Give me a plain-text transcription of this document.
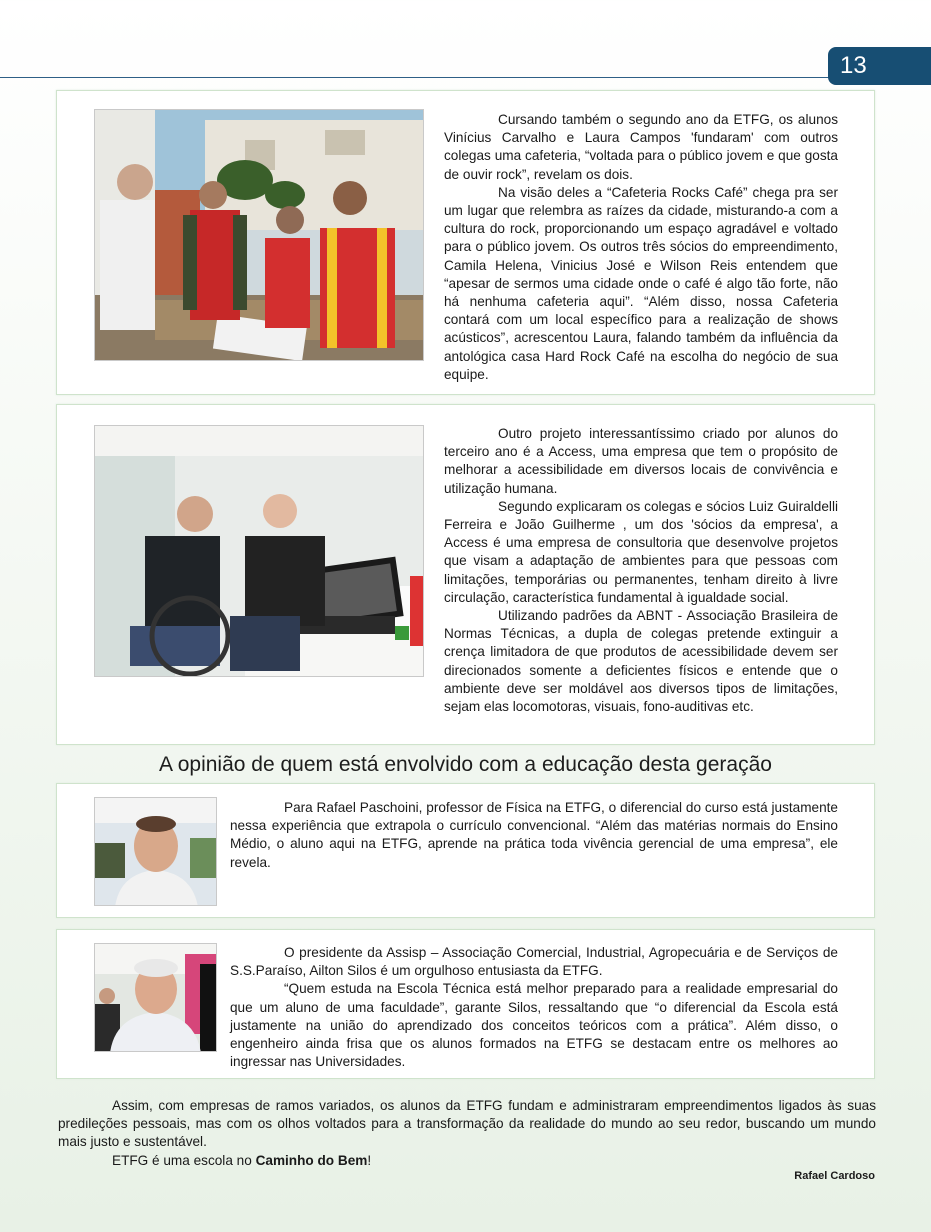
13

Cursando também o segundo ano da ETFG, os alunos Vinícius Carvalho e Laura Campos 'fundaram' com outros colegas uma cafeteria, “voltada para o público jovem e que gosta de ouvir rock”, revelam os dois.

Na visão deles a “Cafeteria Rocks Café” chega pra ser um lugar que relembra as raízes da cidade, misturando-a com a cultura do rock, proporcionando um espaço agradável e voltado para o público jovem. Os outros três sócios do empreendimento, Camila Helena, Vinicius José e Wilson Reis entendem que “apesar de sermos uma cidade onde o café é algo tão forte, não há nenhuma cafeteria aqui”. “Além disso, nossa Cafeteria contará com um local específico para a realização de shows acústicos”, acrescentou Laura, falando também da influência da antológica casa Hard Rock Café na escolha do negócio de sua equipe.

Outro projeto interessantíssimo criado por alunos do terceiro ano é a Access, uma empresa que tem o propósito de melhorar a acessibilidade em diversos locais de convivência e utilização humana.

Segundo explicaram os colegas e sócios Luiz Guiraldelli Ferreira e João Guilherme , um dos 'sócios da empresa', a Access é uma empresa de consultoria que desenvolve projetos que visam a adaptação de ambientes para que pessoas com limitações, temporárias ou permanentes, tenham direito à livre circulação, característica fundamental à igualdade social.

Utilizando padrões da ABNT - Associação Brasileira de Normas Técnicas, a dupla de colegas pretende extinguir a crença limitadora de que produtos de acessibilidade devem ser direcionados somente a deficientes físicos e entende que o ambiente deve ser moldável aos diversos tipos de limitações, sejam elas locomotoras, visuais, fono-auditivas etc.

A opinião de quem está envolvido com a educação desta geração

Para Rafael Paschoini, professor de Física na ETFG, o diferencial do curso está justamente nessa experiência que extrapola o currículo convencional. “Além das matérias normais do Ensino Médio, o aluno aqui na ETFG, aprende na prática toda vivência gerencial de uma empresa”, ele revela.

O presidente da Assisp – Associação Comercial, Industrial, Agropecuária e de Serviços de S.S.Paraíso, Ailton Silos é um orgulhoso entusiasta da ETFG.

“Quem estuda na Escola Técnica está melhor preparado para a realidade empresarial do que um aluno de uma faculdade”, garante Silos, ressaltando que “o diferencial da Escola está justamente na união do aprendizado dos conceitos teóricos com a prática”. Além disso, o engenheiro ainda frisa que os alunos formados na ETFG se destacam entre os melhores ao ingressar nas Universidades.

Assim, com empresas de ramos variados, os alunos da ETFG fundam e administraram empreendimentos ligados às suas predileções pessoais, mas com os olhos voltados para a transformação da realidade do mundo ao seu redor, buscando um mundo mais justo e sustentável.

ETFG é uma escola no Caminho do Bem!

Rafael Cardoso
